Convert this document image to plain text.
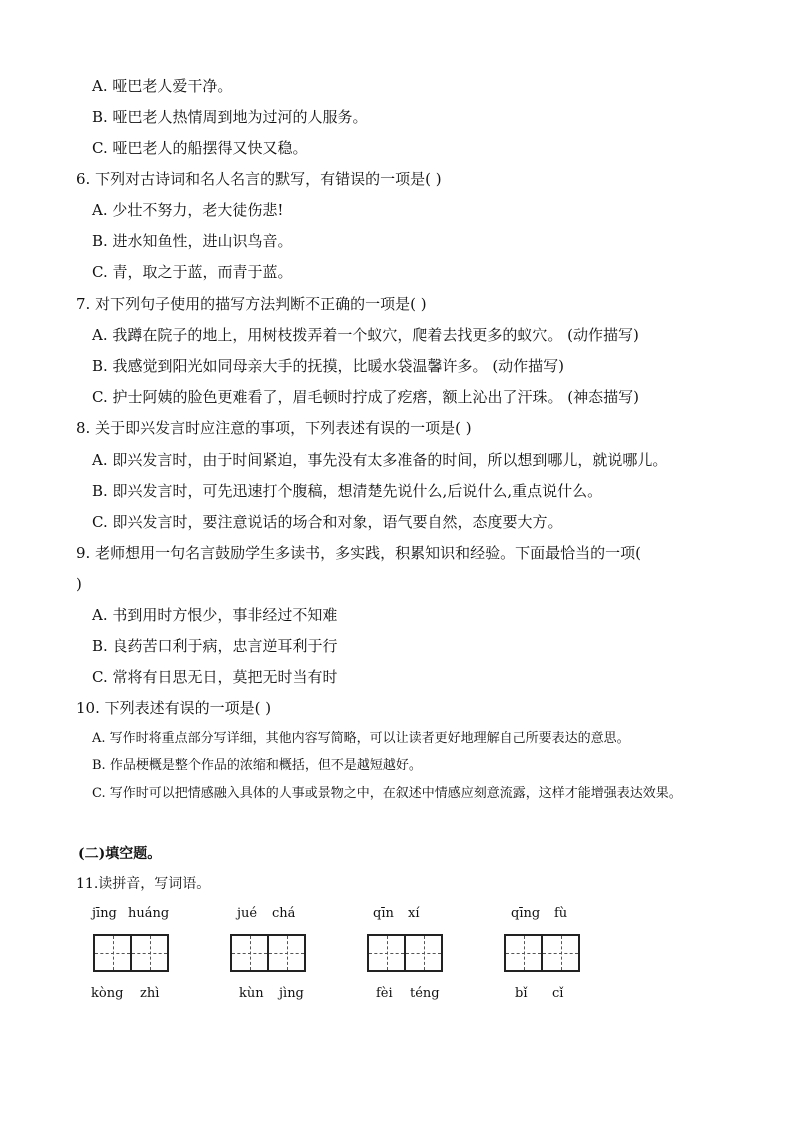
A. 哑巴老人爱干净。
B. 哑巴老人热情周到地为过河的人服务。
C. 哑巴老人的船摆得又快又稳。
6. 下列对古诗词和名人名言的默写，有错误的一项是( )
A. 少壮不努力，老大徒伤悲!
B. 进水知鱼性，进山识鸟音。
C. 青，取之于蓝，而青于蓝。
7. 对下列句子使用的描写方法判断不正确的一项是( )
A. 我蹲在院子的地上，用树枝拨弄着一个蚁穴，爬着去找更多的蚁穴。 (动作描写)
B. 我感觉到阳光如同母亲大手的抚摸，比暖水袋温馨许多。 (动作描写)
C. 护士阿姨的脸色更难看了，眉毛顿时拧成了疙瘩，额上沁出了汗珠。 (神态描写)
8. 关于即兴发言时应注意的事项，下列表述有误的一项是( )
A. 即兴发言时，由于时间紧迫，事先没有太多准备的时间，所以想到哪儿，就说哪儿。
B. 即兴发言时，可先迅速打个腹稿，想清楚先说什么,后说什么,重点说什么。
C. 即兴发言时，要注意说话的场合和对象，语气要自然，态度要大方。
9. 老师想用一句名言鼓励学生多读书，多实践，积累知识和经验。下面最恰当的一项(
)
A. 书到用时方恨少，事非经过不知难
B. 良药苦口利于病，忠言逆耳利于行
C. 常将有日思无日，莫把无时当有时
10. 下列表述有误的一项是( )
A. 写作时将重点部分写详细，其他内容写简略，可以让读者更好地理解自己所要表达的意思。
B. 作品梗概是整个作品的浓缩和概括，但不是越短越好。
C. 写作时可以把情感融入具体的人事或景物之中，在叙述中情感应刻意流露，这样才能增强表达效果。
(二)填空题。
11.读拼音，写词语。
jīng huáng	jué chá	qīn xí	qīng fù
kòng zhì	kùn jìng	fèi téng	bǐ cǐ
